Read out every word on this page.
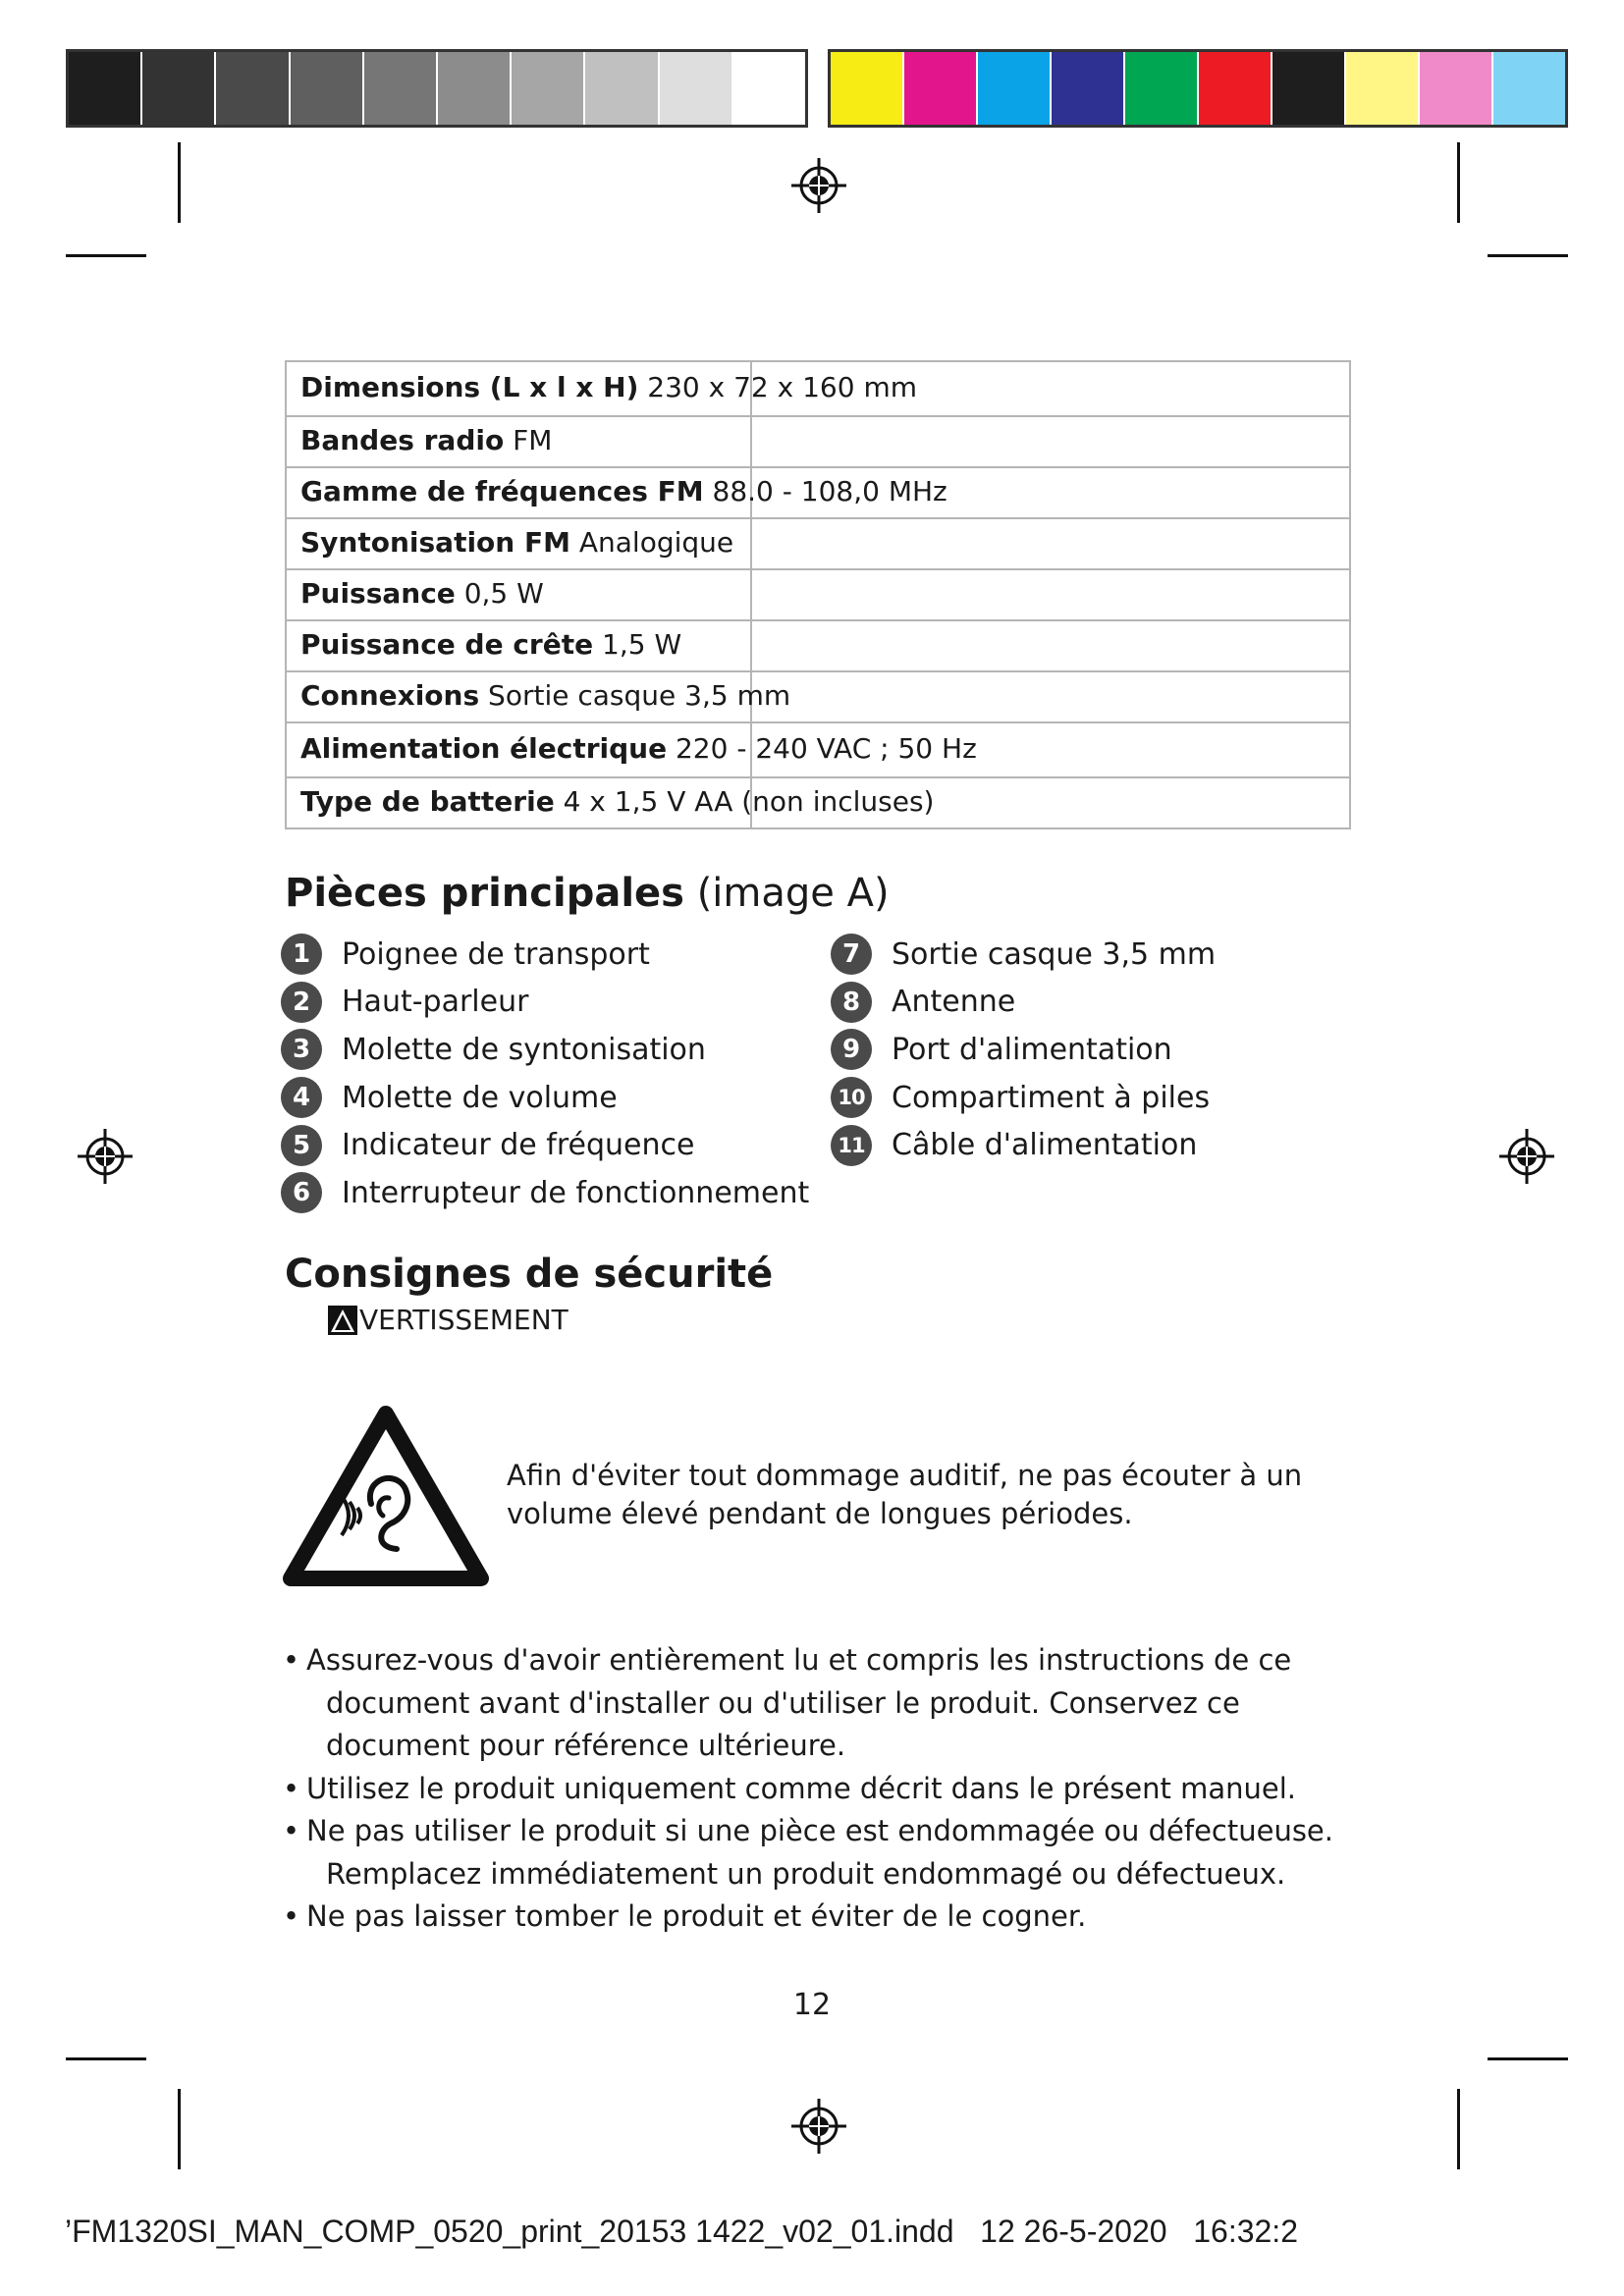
Dimensions (L x l x H) 230 x 72 x 160 mm	

Bandes radio FM	

Gamme de fréquences FM 88.0 - 108,0 MHz	

Syntonisation FM Analogique	

Puissance 0,5 W	

Puissance de crête 1,5 W	

Connexions Sortie casque 3,5 mm	

Alimentation électrique 220 - 240 VAC ; 50 Hz	

Type de batterie 4 x 1,5 V AA (non incluses)	

Pièces principales (image A)
1	Poignee de transport
2	Haut-parleur
3	Molette de syntonisation
4	Molette de volume
5	Indicateur de fréquence
6	Interrupteur de fonctionnement
7	Sortie casque 3,5 mm
8	Antenne
9	Port d'alimentation
10 Compartiment à piles
11 Câble d'alimentation
Consignes de sécurité
VERTISSEMENT
Afin d'éviter tout dommage auditif, ne pas écouter à un volume élevé pendant de longues périodes.
• Assurez-vous d'avoir entièrement lu et compris les instructions de ce
document avant d'installer ou d'utiliser le produit. Conservez ce document pour référence ultérieure.
• Utilisez le produit uniquement comme décrit dans le présent manuel.
• Ne pas utiliser le produit si une pièce est endommagée ou défectueuse.
Remplacez immédiatement un produit endommagé ou défectueux.
• Ne pas laisser tomber le produit et éviter de le cogner.
12
’FM1320SI_MAN_COMP_0520_print_20153 1422_v02_01.indd   12 26-5-2020   16:32:2
